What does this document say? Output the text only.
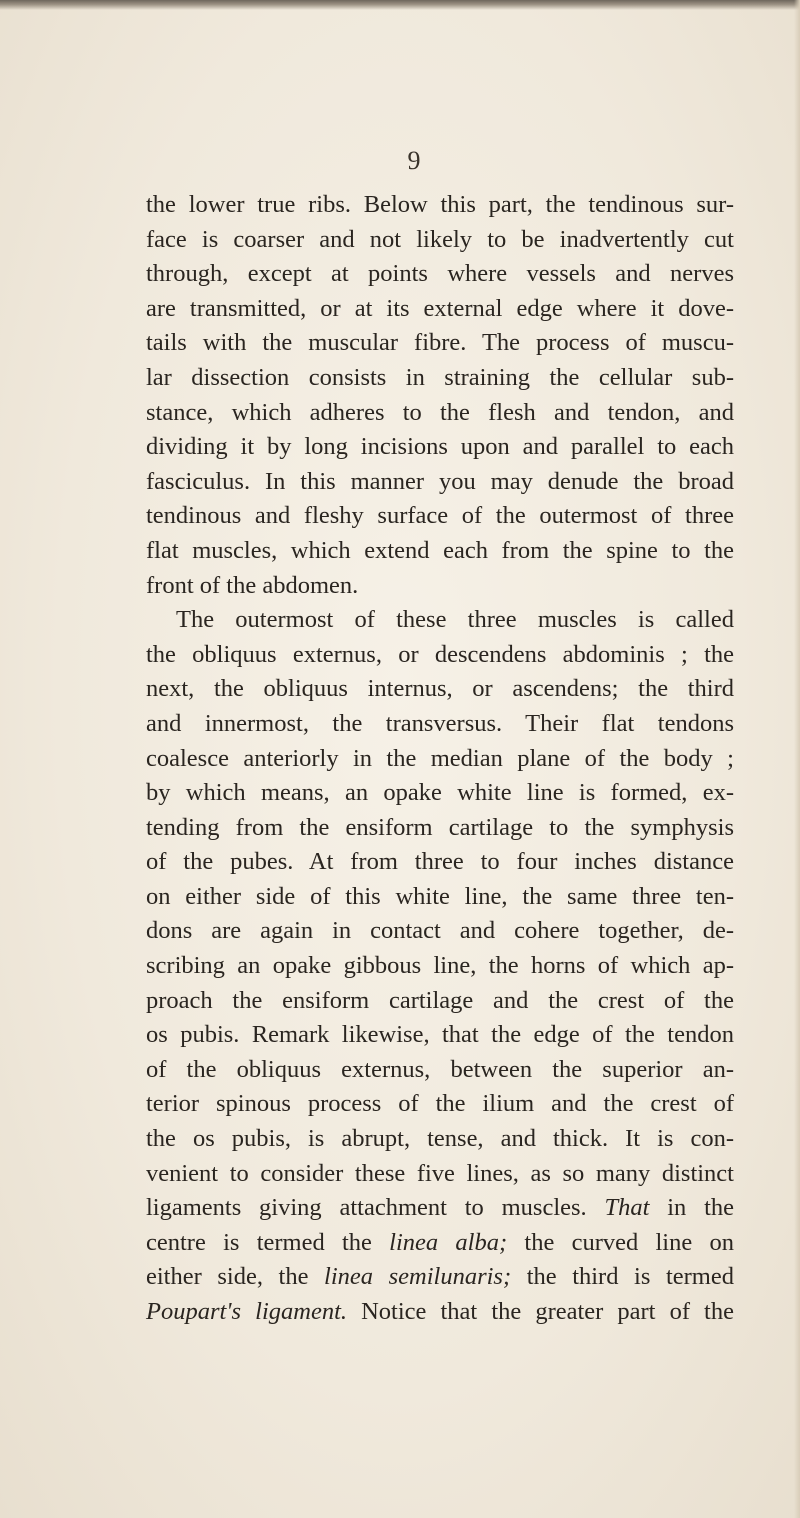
9

the lower true ribs. Below this part, the tendinous sur-
face is coarser and not likely to be inadvertently cut
through, except at points where vessels and nerves
are transmitted, or at its external edge where it dove-
tails with the muscular fibre. The process of muscu-
lar dissection consists in straining the cellular sub-
stance, which adheres to the flesh and tendon, and
dividing it by long incisions upon and parallel to each
fasciculus. In this manner you may denude the broad
tendinous and fleshy surface of the outermost of three
flat muscles, which extend each from the spine to the
front of the abdomen.
The outermost of these three muscles is called
the obliquus externus, or descendens abdominis ; the
next, the obliquus internus, or ascendens; the third
and innermost, the transversus. Their flat tendons
coalesce anteriorly in the median plane of the body ;
by which means, an opake white line is formed, ex-
tending from the ensiform cartilage to the symphysis
of the pubes. At from three to four inches distance
on either side of this white line, the same three ten-
dons are again in contact and cohere together, de-
scribing an opake gibbous line, the horns of which ap-
proach the ensiform cartilage and the crest of the
os pubis. Remark likewise, that the edge of the tendon
of the obliquus externus, between the superior an-
terior spinous process of the ilium and the crest of
the os pubis, is abrupt, tense, and thick. It is con-
venient to consider these five lines, as so many distinct
ligaments giving attachment to muscles. That in the
centre is termed the linea alba; the curved line on
either side, the linea semilunaris; the third is termed
Poupart's ligament. Notice that the greater part of the
